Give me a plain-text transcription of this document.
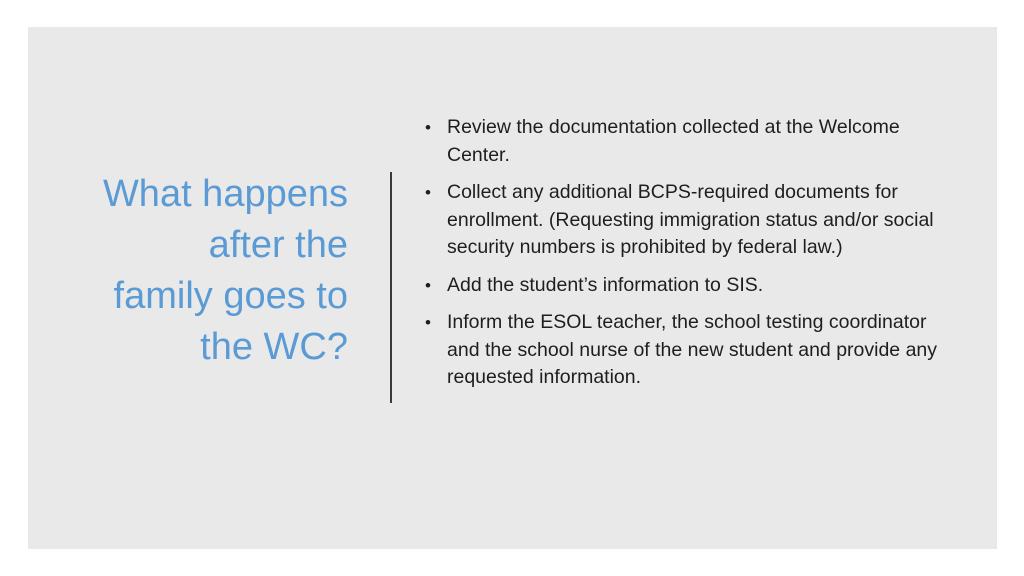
What happens
after the
family goes to
the WC?
• Review the documentation collected at the Welcome Center.
• Collect any additional BCPS-required documents for enrollment. (Requesting immigration status and/or social security numbers is prohibited by federal law.)
• Add the student’s information to SIS.
• Inform the ESOL teacher, the school testing coordinator and the school nurse of the new student and provide any requested information.
